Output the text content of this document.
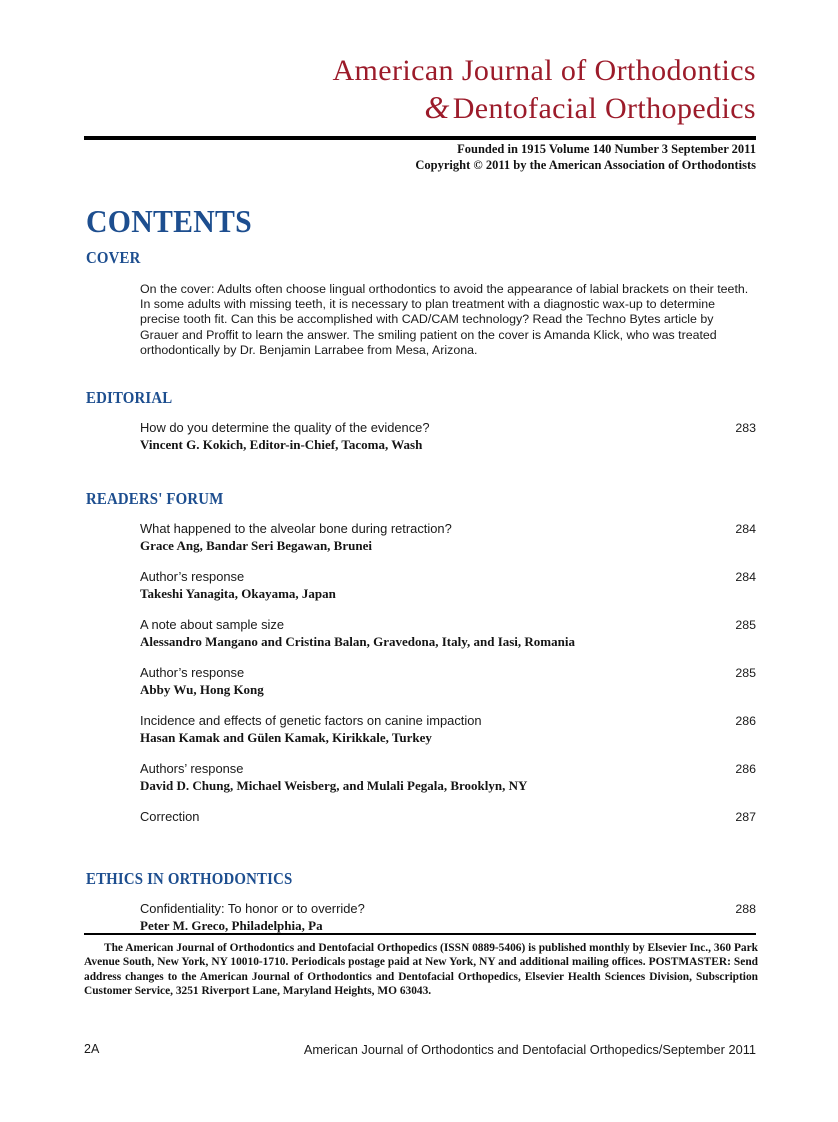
American Journal of Orthodontics
& Dentofacial Orthopedics
Founded in 1915 Volume 140 Number 3 September 2011
Copyright © 2011 by the American Association of Orthodontists
CONTENTS
COVER
On the cover: Adults often choose lingual orthodontics to avoid the appearance of labial brackets on their teeth. In some adults with missing teeth, it is necessary to plan treatment with a diagnostic wax-up to determine precise tooth fit. Can this be accomplished with CAD/CAM technology? Read the Techno Bytes article by Grauer and Proffit to learn the answer. The smiling patient on the cover is Amanda Klick, who was treated orthodontically by Dr. Benjamin Larrabee from Mesa, Arizona.
EDITORIAL
How do you determine the quality of the evidence?	283
Vincent G. Kokich, Editor-in-Chief, Tacoma, Wash
READERS' FORUM
What happened to the alveolar bone during retraction?	284
Grace Ang, Bandar Seri Begawan, Brunei
Author’s response	284
Takeshi Yanagita, Okayama, Japan
A note about sample size	285
Alessandro Mangano and Cristina Balan, Gravedona, Italy, and Iasi, Romania
Author’s response	285
Abby Wu, Hong Kong
Incidence and effects of genetic factors on canine impaction	286
Hasan Kamak and Gülen Kamak, Kirikkale, Turkey
Authors’ response	286
David D. Chung, Michael Weisberg, and Mulali Pegala, Brooklyn, NY
Correction	287
ETHICS IN ORTHODONTICS
Confidentiality: To honor or to override?	288
Peter M. Greco, Philadelphia, Pa
The American Journal of Orthodontics and Dentofacial Orthopedics (ISSN 0889-5406) is published monthly by Elsevier Inc., 360 Park Avenue South, New York, NY 10010-1710. Periodicals postage paid at New York, NY and additional mailing offices. POSTMASTER: Send address changes to the American Journal of Orthodontics and Dentofacial Orthopedics, Elsevier Health Sciences Division, Subscription Customer Service, 3251 Riverport Lane, Maryland Heights, MO 63043.
2A	American Journal of Orthodontics and Dentofacial Orthopedics/September 2011
